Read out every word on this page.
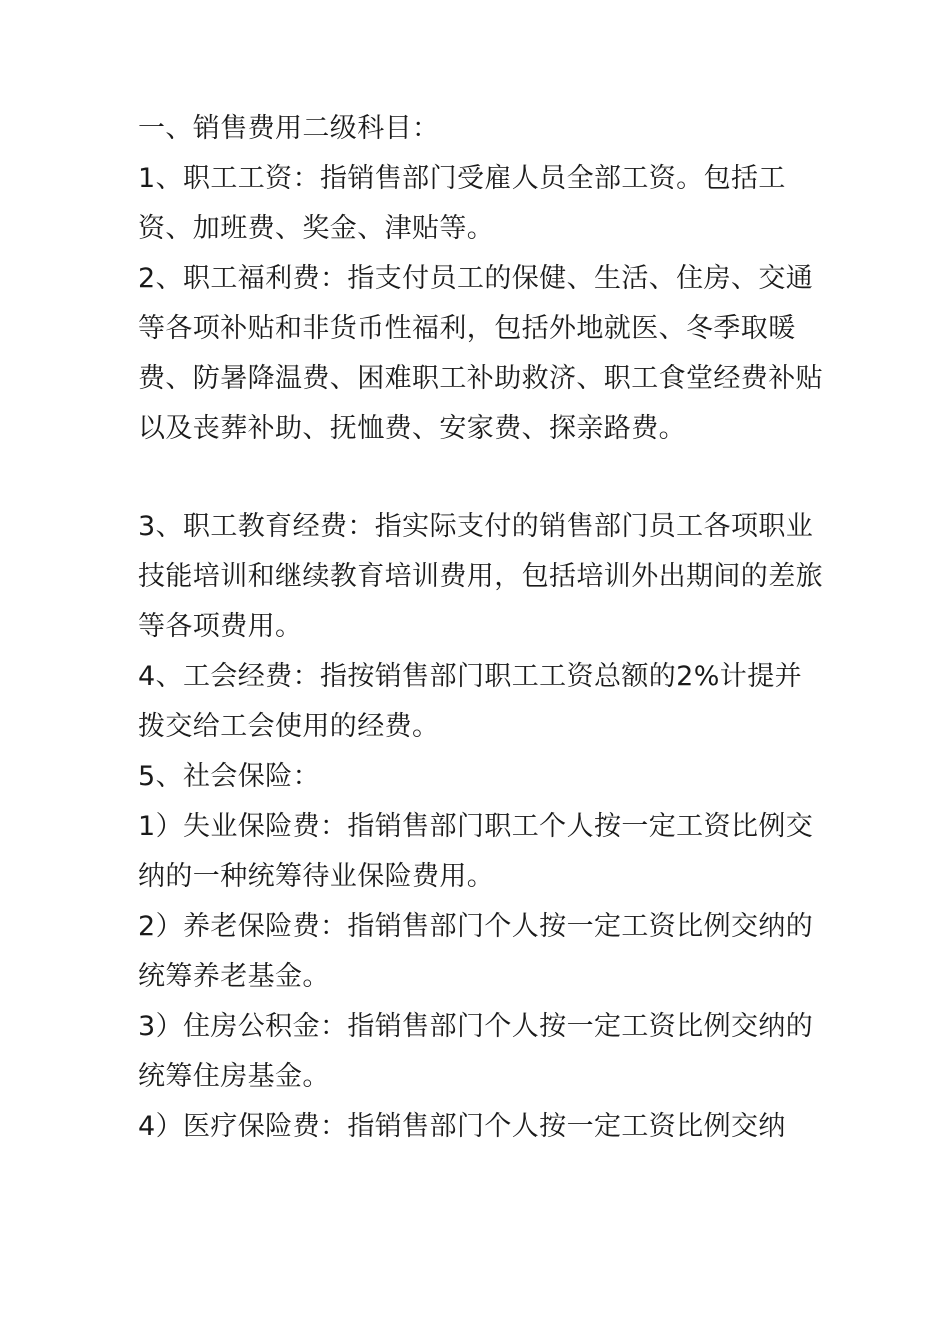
一、销售费用二级科目：

1、职工工资：指销售部门受雇人员全部工资。包括工资、加班费、奖金、津贴等。

2、职工福利费：指支付员工的保健、生活、住房、交通等各项补贴和非货币性福利，包括外地就医、冬季取暖费、防暑降温费、困难职工补助救济、职工食堂经费补贴以及丧葬补助、抚恤费、安家费、探亲路费。

3、职工教育经费：指实际支付的销售部门员工各项职业技能培训和继续教育培训费用，包括培训外出期间的差旅等各项费用。

4、工会经费：指按销售部门职工工资总额的2%计提并拨交给工会使用的经费。

5、社会保险：

1）失业保险费：指销售部门职工个人按一定工资比例交纳的一种统筹待业保险费用。

2）养老保险费：指销售部门个人按一定工资比例交纳的统筹养老基金。

3）住房公积金：指销售部门个人按一定工资比例交纳的统筹住房基金。

4）医疗保险费：指销售部门个人按一定工资比例交纳
